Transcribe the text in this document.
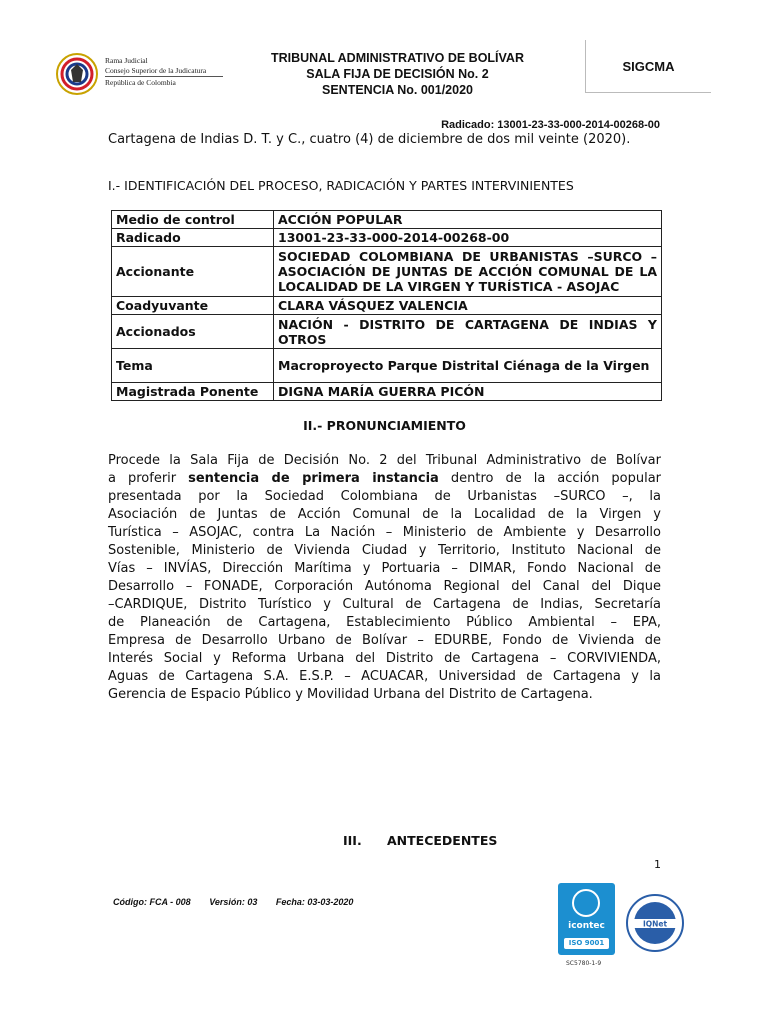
Rama Judicial
Consejo Superior de la Judicatura
República de Colombia
TRIBUNAL ADMINISTRATIVO DE BOLÍVAR
SALA FIJA DE DECISIÓN No. 2
SENTENCIA No. 001/2020
SIGCMA
Radicado: 13001-23-33-000-2014-00268-00
Cartagena de Indias D. T. y C., cuatro (4) de diciembre de dos mil veinte (2020).
I.- IDENTIFICACIÓN DEL PROCESO, RADICACIÓN Y PARTES INTERVINIENTES
Medio de control	ACCIÓN POPULAR
Radicado	13001-23-33-000-2014-00268-00
Accionante	SOCIEDAD COLOMBIANA DE URBANISTAS –SURCO – ASOCIACIÓN DE JUNTAS DE ACCIÓN COMUNAL DE LA LOCALIDAD DE LA VIRGEN Y TURÍSTICA - ASOJAC
Coadyuvante	CLARA VÁSQUEZ VALENCIA
Accionados	NACIÓN - DISTRITO DE CARTAGENA DE INDIAS Y OTROS
Tema	Macroproyecto Parque Distrital Ciénaga de la Virgen
Magistrada Ponente	DIGNA MARÍA GUERRA PICÓN
II.- PRONUNCIAMIENTO
Procede la Sala Fija de Decisión No. 2 del Tribunal Administrativo de Bolívar
a proferir sentencia de primera instancia dentro de la acción popular
presentada por la Sociedad Colombiana de Urbanistas –SURCO –, la
Asociación de Juntas de Acción Comunal de la Localidad de la Virgen y
Turística – ASOJAC, contra La Nación – Ministerio de Ambiente y Desarrollo
Sostenible, Ministerio de Vivienda Ciudad y Territorio, Instituto Nacional de
Vías – INVÍAS, Dirección Marítima y Portuaria – DIMAR, Fondo Nacional de
Desarrollo – FONADE, Corporación Autónoma Regional del Canal del Dique
–CARDIQUE, Distrito Turístico y Cultural de Cartagena de Indias, Secretaría
de Planeación de Cartagena, Establecimiento Público Ambiental – EPA,
Empresa de Desarrollo Urbano de Bolívar – EDURBE, Fondo de Vivienda de
Interés Social y Reforma Urbana del Distrito de Cartagena – CORVIVIENDA,
Aguas de Cartagena S.A. E.S.P. – ACUACAR, Universidad de Cartagena y la
Gerencia de Espacio Público y Movilidad Urbana del Distrito de Cartagena.
III. ANTECEDENTES
1
Código: FCA - 008 Versión: 03 Fecha: 03-03-2020
icontec
ISO 9001
SC5780-1-9
IQNet
